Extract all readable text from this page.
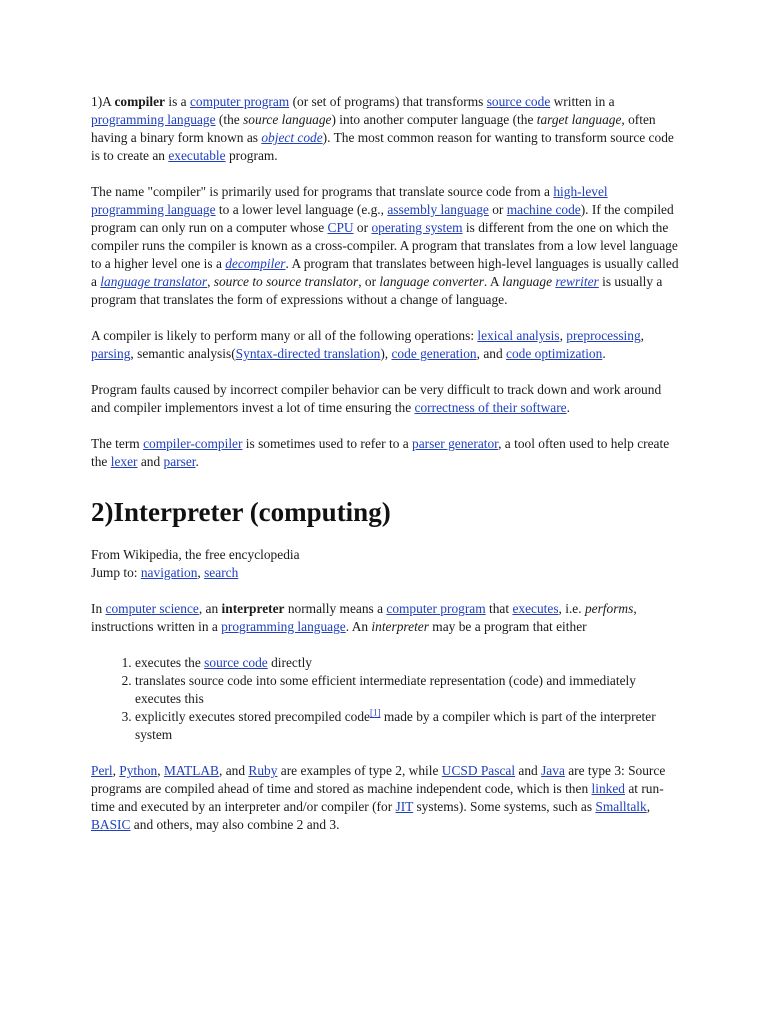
1)A compiler is a computer program (or set of programs) that transforms source code written in a programming language (the source language) into another computer language (the target language, often having a binary form known as object code). The most common reason for wanting to transform source code is to create an executable program.

The name "compiler" is primarily used for programs that translate source code from a high-level programming language to a lower level language (e.g., assembly language or machine code). If the compiled program can only run on a computer whose CPU or operating system is different from the one on which the compiler runs the compiler is known as a cross-compiler. A program that translates from a low level language to a higher level one is a decompiler. A program that translates between high-level languages is usually called a language translator, source to source translator, or language converter. A language rewriter is usually a program that translates the form of expressions without a change of language.

A compiler is likely to perform many or all of the following operations: lexical analysis, preprocessing, parsing, semantic analysis(Syntax-directed translation), code generation, and code optimization.

Program faults caused by incorrect compiler behavior can be very difficult to track down and work around and compiler implementors invest a lot of time ensuring the correctness of their software.

The term compiler-compiler is sometimes used to refer to a parser generator, a tool often used to help create the lexer and parser.

2)Interpreter (computing)

From Wikipedia, the free encyclopedia

Jump to: navigation, search

In computer science, an interpreter normally means a computer program that executes, i.e. performs, instructions written in a programming language. An interpreter may be a program that either

1. executes the source code directly
2. translates source code into some efficient intermediate representation (code) and immediately executes this
3. explicitly executes stored precompiled code[1] made by a compiler which is part of the interpreter system

Perl, Python, MATLAB, and Ruby are examples of type 2, while UCSD Pascal and Java are type 3: Source programs are compiled ahead of time and stored as machine independent code, which is then linked at run-time and executed by an interpreter and/or compiler (for JIT systems). Some systems, such as Smalltalk, BASIC and others, may also combine 2 and 3.
